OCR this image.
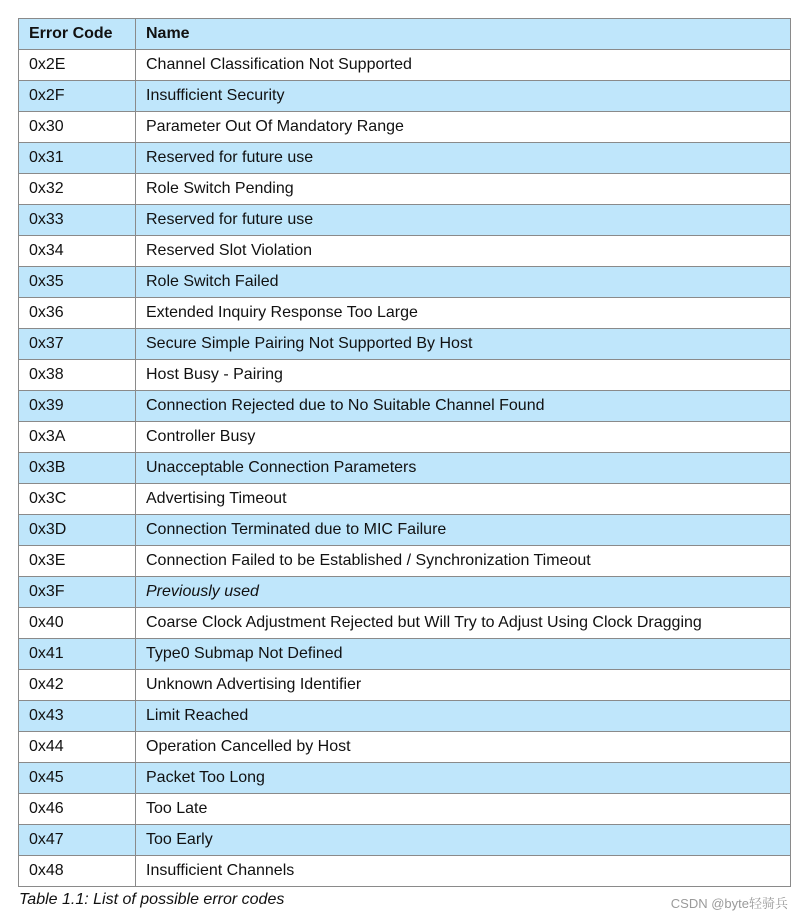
Error Code	Name
0x2E	Channel Classification Not Supported
0x2F	Insufficient Security
0x30	Parameter Out Of Mandatory Range
0x31	Reserved for future use
0x32	Role Switch Pending
0x33	Reserved for future use
0x34	Reserved Slot Violation
0x35	Role Switch Failed
0x36	Extended Inquiry Response Too Large
0x37	Secure Simple Pairing Not Supported By Host
0x38	Host Busy - Pairing
0x39	Connection Rejected due to No Suitable Channel Found
0x3A	Controller Busy
0x3B	Unacceptable Connection Parameters
0x3C	Advertising Timeout
0x3D	Connection Terminated due to MIC Failure
0x3E	Connection Failed to be Established / Synchronization Timeout
0x3F	Previously used
0x40	Coarse Clock Adjustment Rejected but Will Try to Adjust Using Clock Dragging
0x41	Type0 Submap Not Defined
0x42	Unknown Advertising Identifier
0x43	Limit Reached
0x44	Operation Cancelled by Host
0x45	Packet Too Long
0x46	Too Late
0x47	Too Early
0x48	Insufficient Channels
Table 1.1: List of possible error codes	CSDN @byte轻骑兵
